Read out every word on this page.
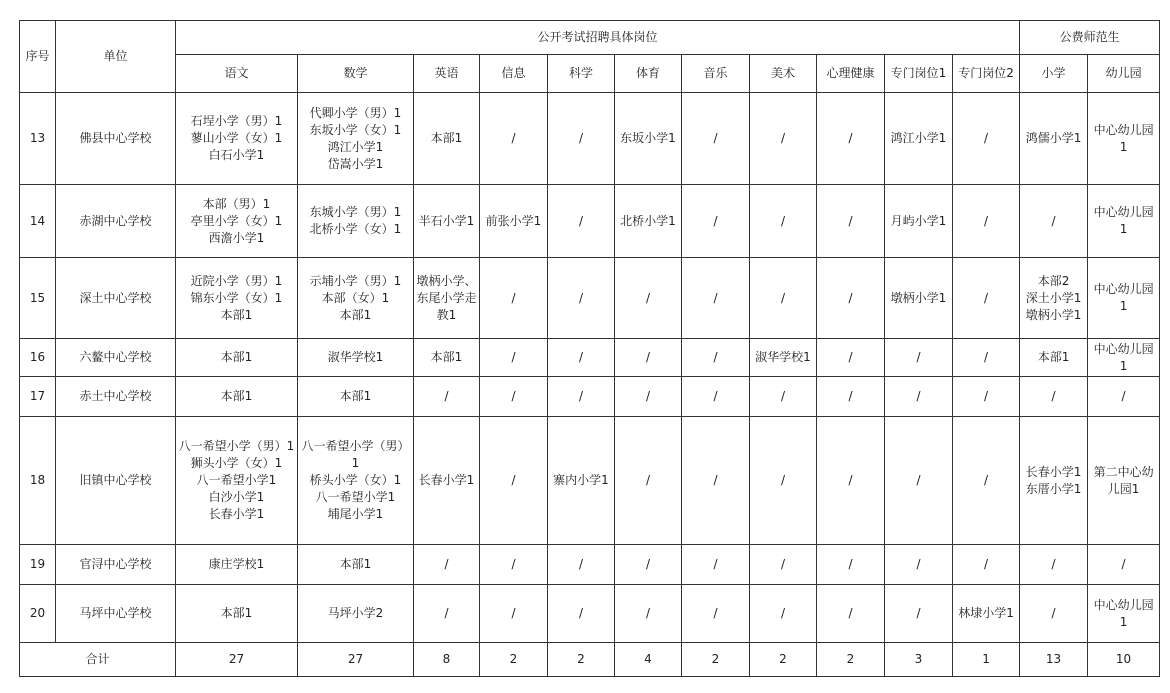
序号	单位	公开考试招聘具体岗位											公费师范生	
		语文	数学	英语	信息	科学	体育	音乐	美术	心理健康	专门岗位1	专门岗位2	小学	幼儿园
13	佛县中心学校	石埕小学（男）1
蓼山小学（女）1
白石小学1	代卿小学（男）1
东坂小学（女）1
鸿江小学1
岱嵩小学1	本部1	/	/	东坂小学1	/	/	/	鸿江小学1	/	鸿儒小学1	中心幼儿园1

14	赤湖中心学校	本部（男）1
亭里小学（女）1
西澹小学1	东城小学（男）1
北桥小学（女）1	半石小学1	前张小学1	/	北桥小学1	/	/	/	月屿小学1	/	/	中心幼儿园1

15	深土中心学校	近院小学（男）1
锦东小学（女）1
本部1	示埔小学（男）1
本部（女）1
本部1	墩柄小学、东尾小学走教1	/	/	/	/	/	/	墩柄小学1	/	本部2
深土小学1
墩柄小学1	中心幼儿园1

16	六鳌中心学校	本部1	淑华学校1	本部1	/	/	/	/	淑华学校1	/	/	/	本部1	中心幼儿园1

17	赤土中心学校	本部1	本部1	/	/	/	/	/	/	/	/	/	/	/

18	旧镇中心学校	八一希望小学（男）1
狮头小学（女）1
八一希望小学1
白沙小学1
长春小学1	八一希望小学（男）1
桥头小学（女）1
八一希望小学1
埔尾小学1	长春小学1	/	寨内小学1	/	/	/	/	/	/	长春小学1
东厝小学1	第二中心幼儿园1

19	官浔中心学校	康庄学校1	本部1	/	/	/	/	/	/	/	/	/	/	/

20	马坪中心学校	本部1	马坪小学2	/	/	/	/	/	/	/	/	林埭小学1	/	中心幼儿园1

合计		27	27	8	2	2	4	2	2	2	3	1	13	10
